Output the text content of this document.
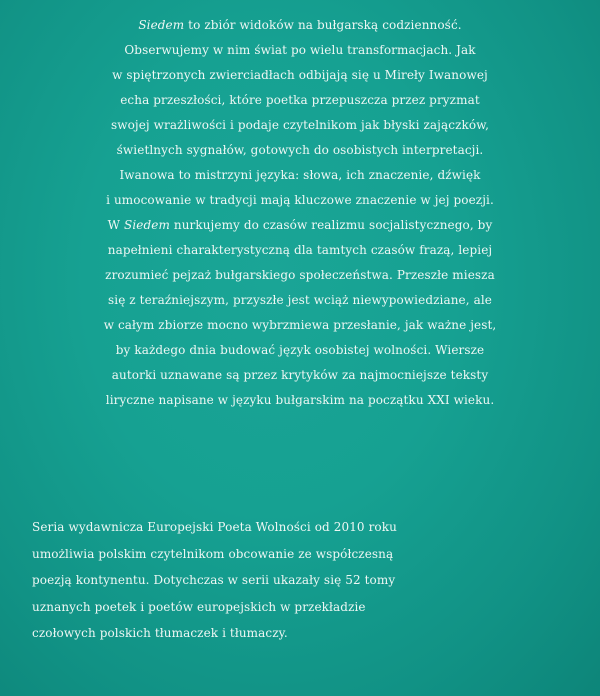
Siedem to zbiór widoków na bułgarską codzienność.
Obserwujemy w nim świat po wielu transformacjach. Jak
w spiętrzonych zwierciadłach odbijają się u Mireły Iwanowej
echa przeszłości, które poetka przepuszcza przez pryzmat
swojej wrażliwości i podaje czytelnikom jak błyski zajączków,
świetlnych sygnałów, gotowych do osobistych interpretacji.
Iwanowa to mistrzyni języka: słowa, ich znaczenie, dźwięk
i umocowanie w tradycji mają kluczowe znaczenie w jej poezji.
W Siedem nurkujemy do czasów realizmu socjalistycznego, by
napełnieni charakterystyczną dla tamtych czasów frazą, lepiej
zrozumieć pejzaż bułgarskiego społeczeństwa. Przeszłe miesza
się z teraźniejszym, przyszłe jest wciąż niewypowiedziane, ale
w całym zbiorze mocno wybrzmiewa przesłanie, jak ważne jest,
by każdego dnia budować język osobistej wolności. Wiersze
autorki uznawane są przez krytyków za najmocniejsze teksty
liryczne napisane w języku bułgarskim na początku XXI wieku.
Seria wydawnicza Europejski Poeta Wolności od 2010 roku
umożliwia polskim czytelnikom obcowanie ze współczesną
poezją kontynentu. Dotychczas w serii ukazały się 52 tomy
uznanych poetek i poetów europejskich w przekładzie
czołowych polskich tłumaczek i tłumaczy.
